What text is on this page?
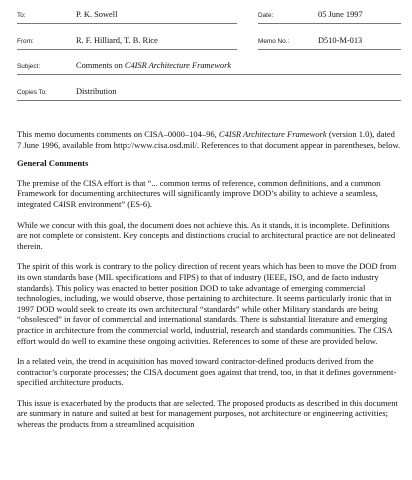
To:	P. K. Sowell	Date:	05 June 1997
From:	R. F. Hilliard, T. B. Rice	Memo No.:	D510-M-013
Subject:	Comments on C4ISR Architecture Framework
Copies To:	Distribution

This memo documents comments on CISA–0000–104–96, C4ISR Architecture Framework (version 1.0), dated 7 June 1996, available from http://www.cisa.osd.mil/. References to that document appear in parentheses, below.

General Comments

The premise of the CISA effort is that “... common terms of reference, common definitions, and a common Framework for documenting architectures will significantly improve DOD’s ability to achieve a seamless, integrated C4ISR environment” (ES-6).

While we concur with this goal, the document does not achieve this. As it stands, it is incomplete. Definitions are not complete or consistent. Key concepts and distinctions crucial to architectural practice are not delineated therein.

The spirit of this work is contrary to the policy direction of recent years which has been to move the DOD from its own standards base (MIL specifications and FIPS) to that of industry (IEEE, ISO, and de facto industry standards). This policy was enacted to better position DOD to take advantage of emerging commercial technologies, including, we would observe, those pertaining to architecture. It seems particularly ironic that in 1997 DOD would seek to create its own architectural “standards” while other Military standards are being “obsolesced” in favor of commercial and international standards. There is substantial literature and emerging practice in architecture from the commercial world, industrial, research and standards communities. The CISA effort would do well to examine these ongoing activities. References to some of these are provided below.

In a related vein, the trend in acquisition has moved toward contractor-defined products derived from the contractor’s corporate processes; the CISA document goes against that trend, too, in that it defines government-specified architecture products.

This issue is exacerbated by the products that are selected. The proposed products as described in this document are summary in nature and suited at best for management purposes, not architecture or engineering activities; whereas the products from a streamlined acquisition
